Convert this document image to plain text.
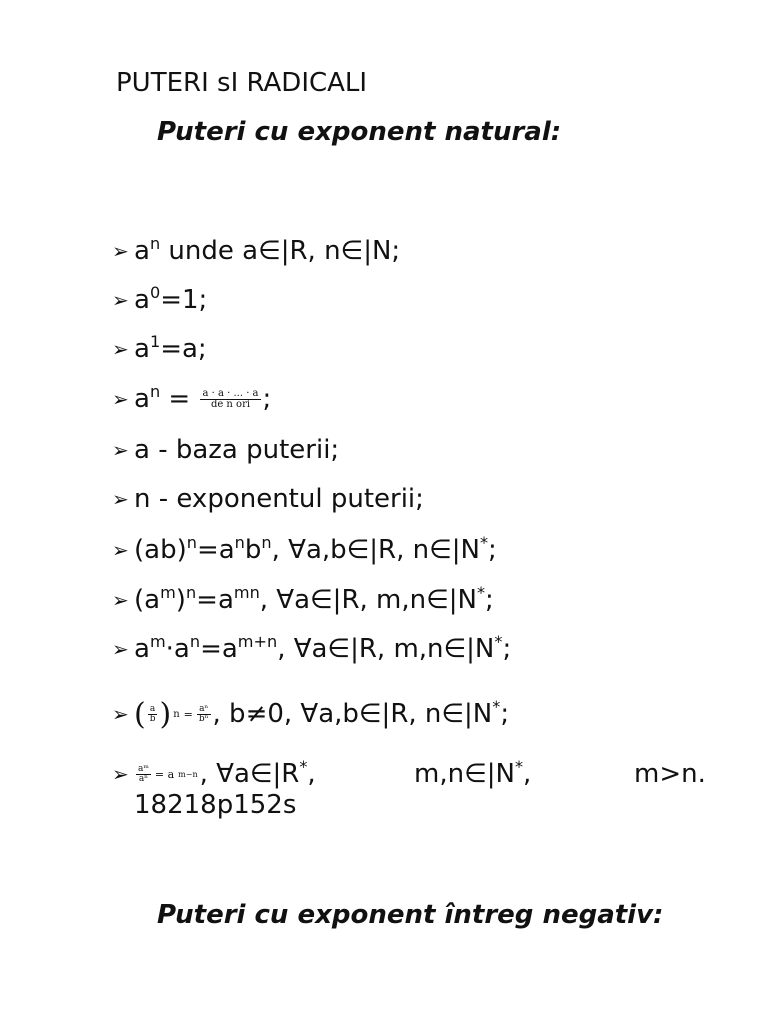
PUTERI sI RADICALI
Puteri cu exponent natural:
➢ $a^n$ unde a∈|R, n∈|N;
➢ $a^0=1$;
➢ $a^1=a$;
➢ $a^n = \frac{a \cdot a \cdot ... \cdot a}{\text{de n ori}}$ ;
➢ a - baza puterii;
➢ n - exponentul puterii;
➢ $(ab)^n=a^nb^n$, ∀a,b∈|R, n∈|N*;
➢ $(a^m)^n=a^{mn}$, ∀a∈|R, m,n∈|N*;
➢ $a^m\cdot a^n=a^{m+n}$, ∀a∈|R, m,n∈|N*;
➢ ( $\frac{a}{b}$ ) $n = \frac{\text{aⁿ}}{\text{bⁿ}}$ , b≠0, ∀a,b∈|R, n∈|N*;
➢ $\frac{\text{aᵐ}}{\text{aⁿ}} = a$ m−n, ∀a∈|R*,	m,n∈|N*,	m>n.
18218p152s
Puteri cu exponent întreg negativ:
